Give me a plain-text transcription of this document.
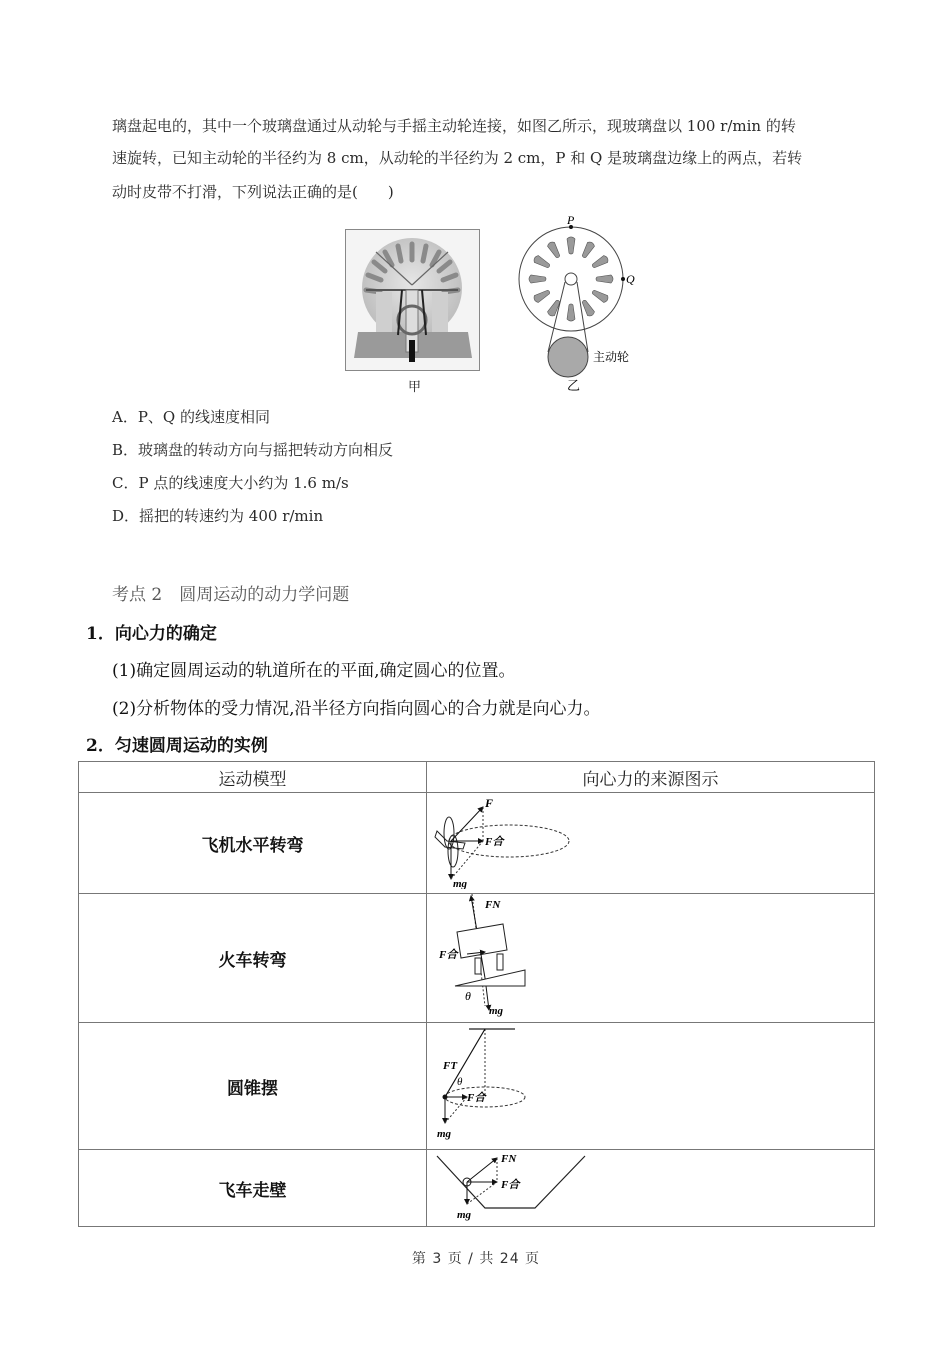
璃盘起电的，其中一个玻璃盘通过从动轮与手摇主动轮连接，如图乙所示，现玻璃盘以 100 r/min 的转
速旋转，已知主动轮的半径约为 8 cm，从动轮的半径约为 2 cm，P 和 Q 是玻璃盘边缘上的两点，若转
动时皮带不打滑，下列说法正确的是(　　)
甲
P
Q
主动轮
乙
A．P、Q 的线速度相同
B．玻璃盘的转动方向与摇把转动方向相反
C．P 点的线速度大小约为 1.6 m/s
D．摇把的转速约为 400 r/min
考点 2　圆周运动的动力学问题
1．向心力的确定
(1)确定圆周运动的轨道所在的平面,确定圆心的位置。
(2)分析物体的受力情况,沿半径方向指向圆心的合力就是向心力。
2．匀速圆周运动的实例
运动模型	向心力的来源图示
飞机水平转弯	F
F合
mg

火车转弯	FN
F合
θ
mg

圆锥摆	FT
θ
F合
mg

飞车走壁	FN
F合
mg
第 3 页 / 共 24 页
